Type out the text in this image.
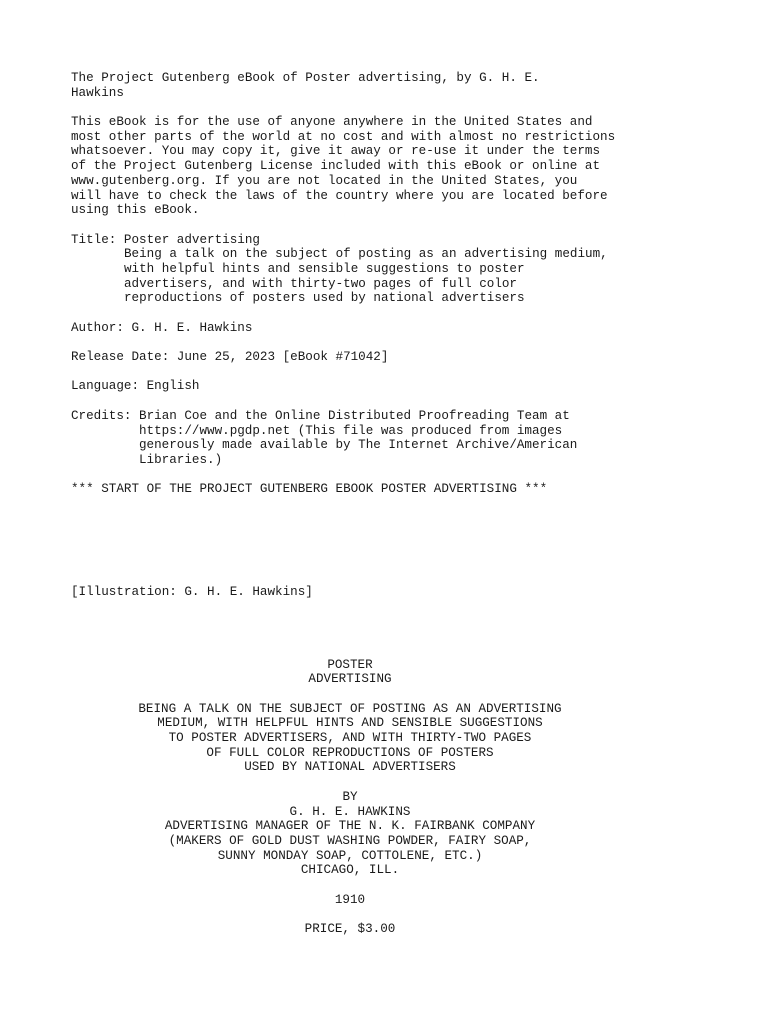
The Project Gutenberg eBook of Poster advertising, by G. H. E.
Hawkins
This eBook is for the use of anyone anywhere in the United States and
most other parts of the world at no cost and with almost no restrictions
whatsoever. You may copy it, give it away or re-use it under the terms
of the Project Gutenberg License included with this eBook or online at
www.gutenberg.org. If you are not located in the United States, you
will have to check the laws of the country where you are located before
using this eBook.
Title: Poster advertising
Being a talk on the subject of posting as an advertising medium,
with helpful hints and sensible suggestions to poster
advertisers, and with thirty-two pages of full color
reproductions of posters used by national advertisers
Author: G. H. E. Hawkins
Release Date: June 25, 2023 [eBook #71042]
Language: English
Credits: Brian Coe and the Online Distributed Proofreading Team at
https://www.pgdp.net (This file was produced from images
generously made available by The Internet Archive/American
Libraries.)
*** START OF THE PROJECT GUTENBERG EBOOK POSTER ADVERTISING ***
[Illustration: G. H. E. Hawkins]
POSTER
ADVERTISING
BEING A TALK ON THE SUBJECT OF POSTING AS AN ADVERTISING
MEDIUM, WITH HELPFUL HINTS AND SENSIBLE SUGGESTIONS
TO POSTER ADVERTISERS, AND WITH THIRTY-TWO PAGES
OF FULL COLOR REPRODUCTIONS OF POSTERS
USED BY NATIONAL ADVERTISERS
BY
G. H. E. HAWKINS
ADVERTISING MANAGER OF THE N. K. FAIRBANK COMPANY
(MAKERS OF GOLD DUST WASHING POWDER, FAIRY SOAP,
SUNNY MONDAY SOAP, COTTOLENE, ETC.)
CHICAGO, ILL.
1910
PRICE, $3.00
